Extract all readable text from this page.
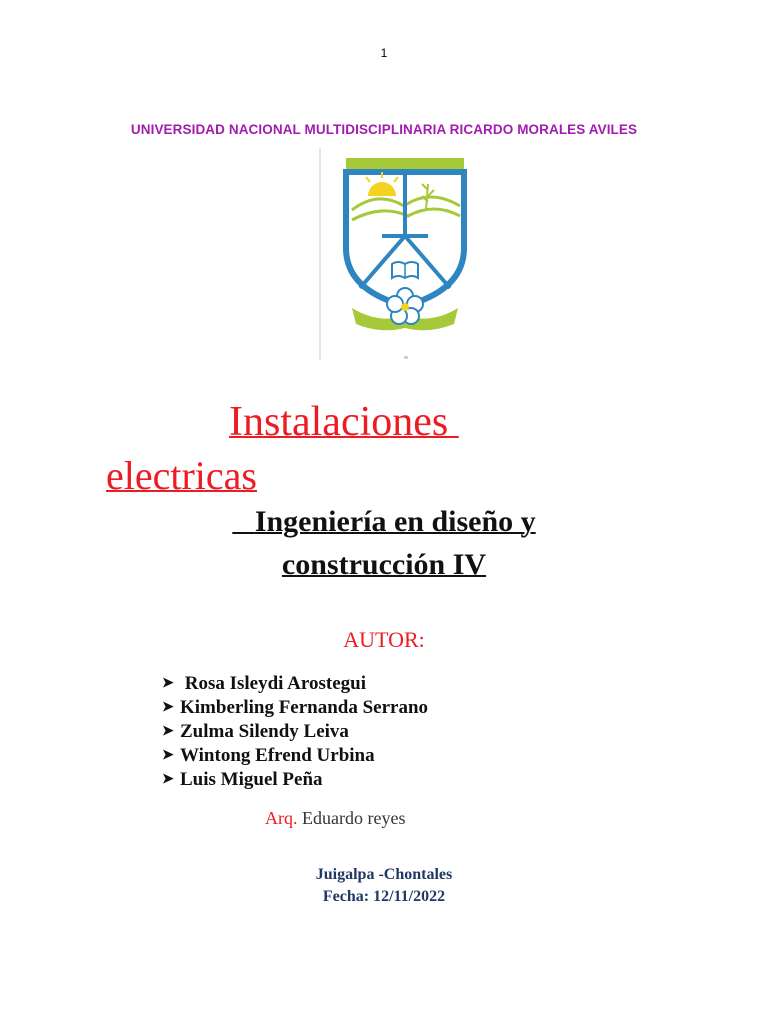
1
UNIVERSIDAD NACIONAL MULTIDISCIPLINARIA RICARDO MORALES AVILES
Instalaciones
electricas
Ingeniería en diseño y
construcción IV
AUTOR:
➤
Rosa Isleydi Arostegui
➤ Kimberling Fernanda Serrano
➤ Zulma Silendy Leiva
➤ Wintong Efrend Urbina
➤ Luis Miguel Peña
Arq. Eduardo reyes
Juigalpa -Chontales
Fecha: 12/11/2022
